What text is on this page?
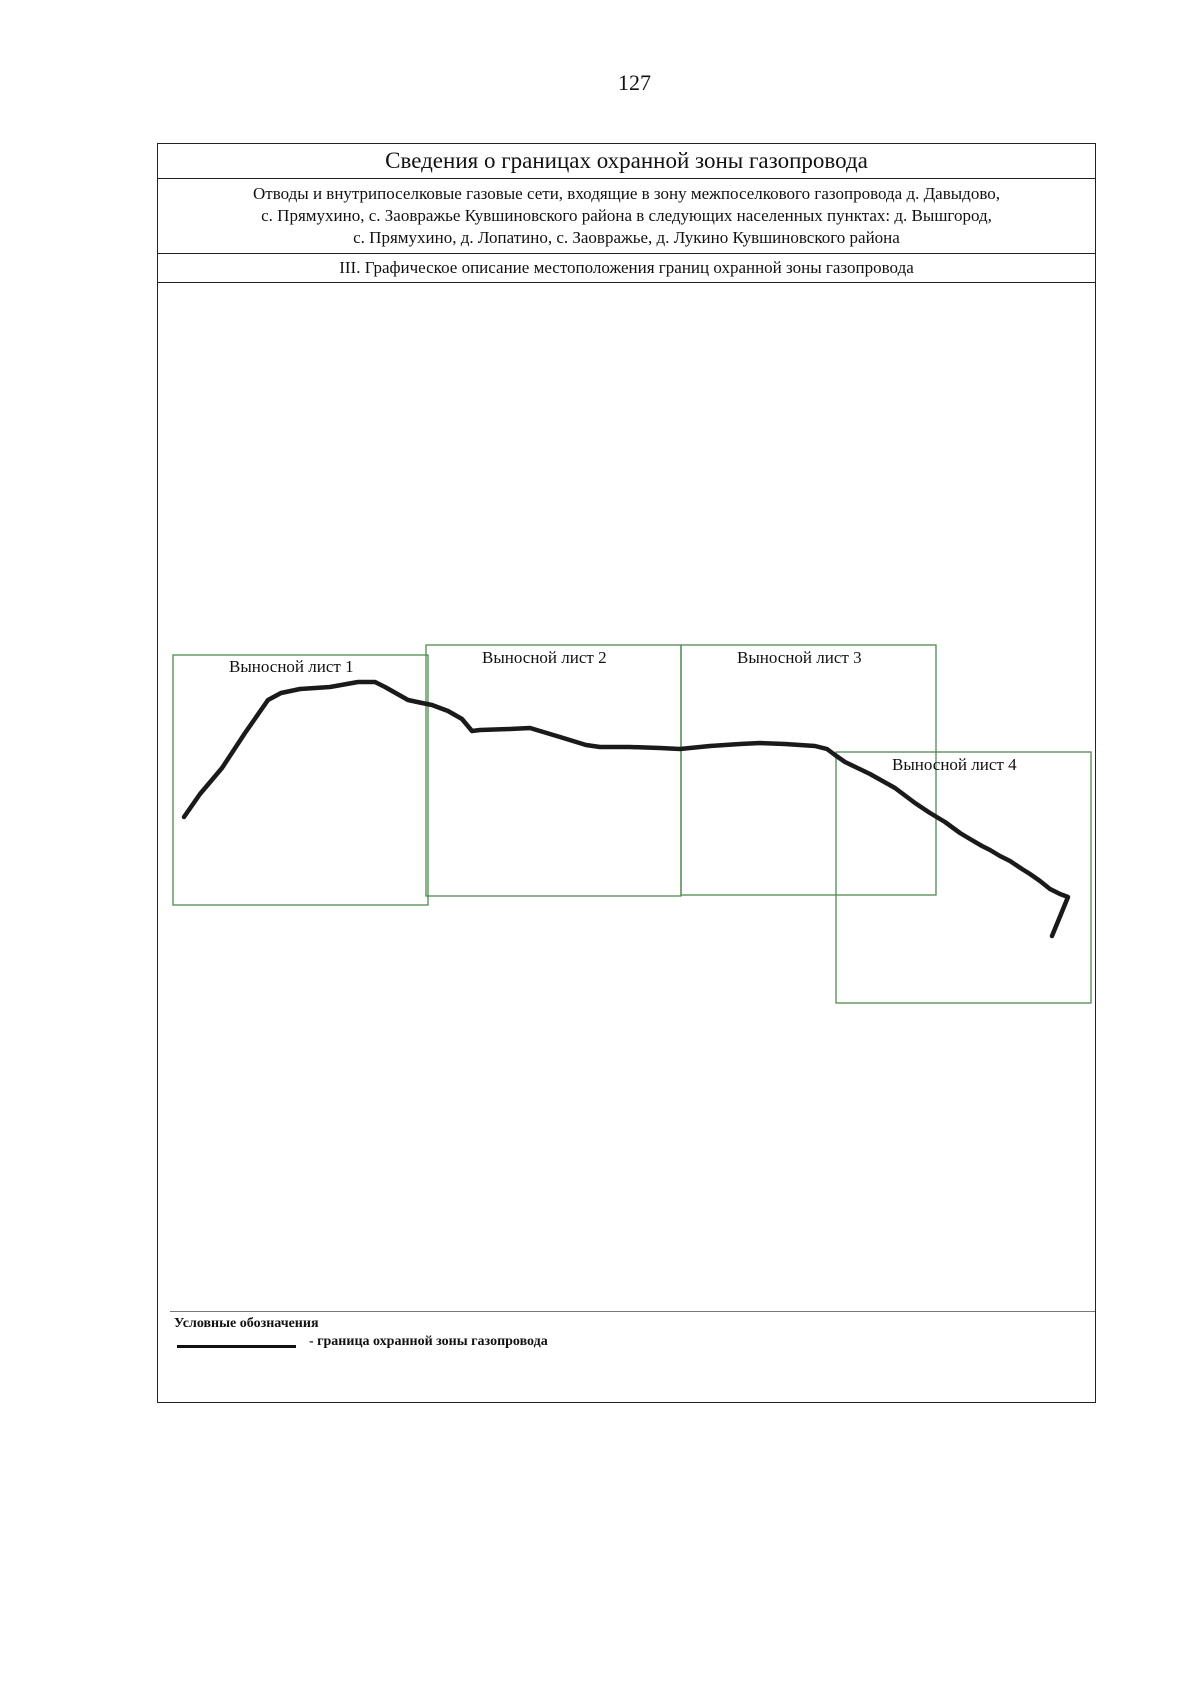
127
Сведения о границах охранной зоны газопровода
Отводы и внутрипоселковые газовые сети, входящие в зону межпоселкового газопровода д. Давыдово,
с. Прямухино, с. Заовражье Кувшиновского района в следующих населенных пунктах: д. Вышгород,
с. Прямухино, д. Лопатино, с. Заовражье, д. Лукино Кувшиновского района
III. Графическое описание местоположения границ охранной зоны газопровода
Выносной лист 1	Выносной лист 2	Выносной лист 3
Выносной лист 4
Условные обозначения
- граница охранной зоны газопровода
